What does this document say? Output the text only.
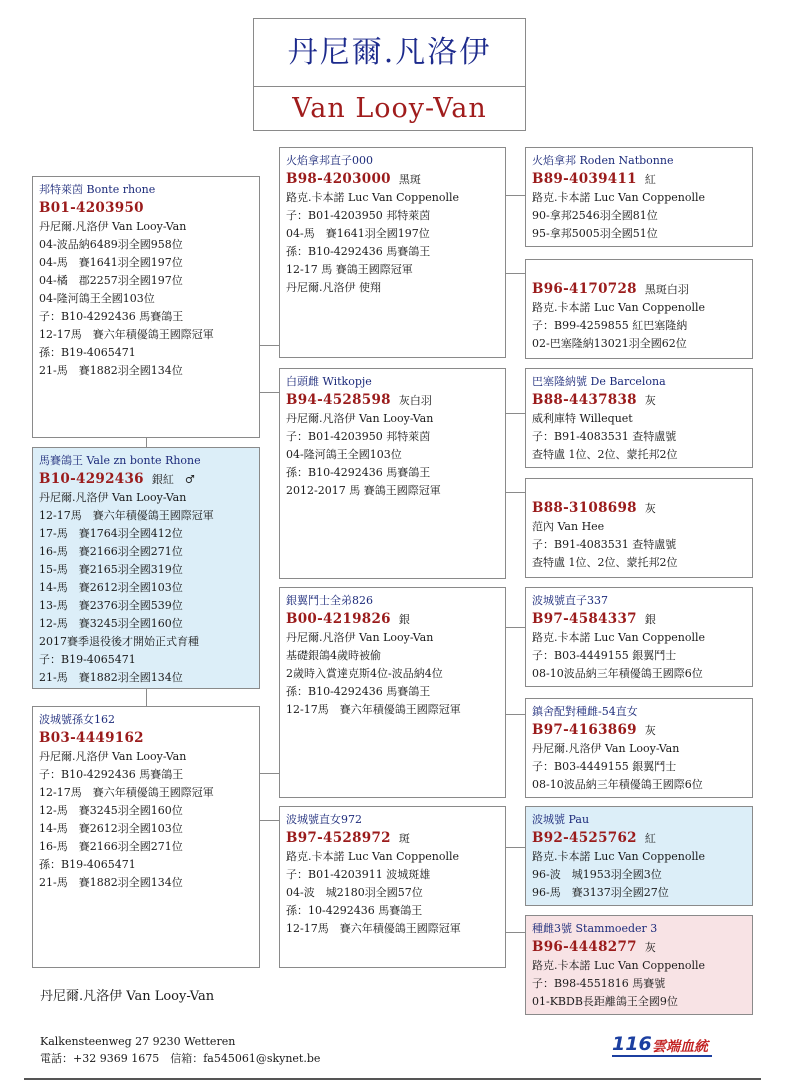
丹尼爾.凡洛伊
Van Looy-Van
邦特萊茵 Bonte rhone
B01-4203950
丹尼爾.凡洛伊 Van Looy-Van
04-波品納6489羽全國958位
04-馬　賽1641羽全國197位
04-橘　郡2257羽全國197位
04-隆河鴿王全國103位
子：B10-4292436 馬賽鴿王
12-17馬　賽六年積優鴿王國際冠軍
孫：B19-4065471
21-馬　賽1882羽全國134位
馬賽鴿王 Vale zn bonte Rhone
B10-4292436 銀紅　♂
丹尼爾.凡洛伊 Van Looy-Van
12-17馬　賽六年積優鴿王國際冠軍
17-馬　賽1764羽全國412位
16-馬　賽2166羽全國271位
15-馬　賽2165羽全國319位
14-馬　賽2612羽全國103位
13-馬　賽2376羽全國539位
12-馬　賽3245羽全國160位
2017賽季退役後才開始正式育種
子：B19-4065471
21-馬　賽1882羽全國134位
波城號孫女162
B03-4449162
丹尼爾.凡洛伊 Van Looy-Van
子：B10-4292436 馬賽鴿王
12-17馬　賽六年積優鴿王國際冠軍
12-馬　賽3245羽全國160位
14-馬　賽2612羽全國103位
16-馬　賽2166羽全國271位
孫：B19-4065471
21-馬　賽1882羽全國134位
火焰拿邦直子000
B98-4203000 黑斑
路克.卡本諾 Luc Van Coppenolle
子：B01-4203950 邦特萊茵
04-馬　賽1641羽全國197位
孫：B10-4292436 馬賽鴿王
12-17 馬 賽鴿王國際冠軍
丹尼爾.凡洛伊 使翔
白頭雌 Witkopje
B94-4528598 灰白羽
丹尼爾.凡洛伊 Van Looy-Van
子：B01-4203950 邦特萊茵
04-隆河鴿王全國103位
孫：B10-4292436 馬賽鴿王
2012-2017 馬 賽鴿王國際冠軍
銀翼鬥士全弟826
B00-4219826 銀
丹尼爾.凡洛伊 Van Looy-Van
基礎銀鴿4歲時被偷
2歲時入賞達克斯4位-波品納4位
孫：B10-4292436 馬賽鴿王
12-17馬　賽六年積優鴿王國際冠軍
波城號直女972
B97-4528972 斑
路克.卡本諾 Luc Van Coppenolle
子：B01-4203911 波城斑雄
04-波　城2180羽全國57位
孫：10-4292436 馬賽鴿王
12-17馬　賽六年積優鴿王國際冠軍
火焰拿邦 Roden Natbonne
B89-4039411 紅
路克.卡本諾 Luc Van Coppenolle
90-拿邦2546羽全國81位
95-拿邦5005羽全國51位
B96-4170728 黑斑白羽
路克.卡本諾 Luc Van Coppenolle
子：B99-4259855 紅巴塞隆納
02-巴塞隆納13021羽全國62位
巴塞隆納號 De Barcelona
B88-4437838 灰
威利庫特 Willequet
子：B91-4083531 查特盧號
查特盧 1位、2位、蒙托邦2位
B88-3108698 灰
范內 Van Hee
子：B91-4083531 查特盧號
查特盧 1位、2位、蒙托邦2位
波城號直子337
B97-4584337 銀
路克.卡本諾 Luc Van Coppenolle
子：B03-4449155 銀翼鬥士
08-10波品納三年積優鴿王國際6位
鎮舍配對種雌-54直女
B97-4163869 灰
丹尼爾.凡洛伊 Van Looy-Van
子：B03-4449155 銀翼鬥士
08-10波品納三年積優鴿王國際6位
波城號 Pau
B92-4525762 紅
路克.卡本諾 Luc Van Coppenolle
96-波　城1953羽全國3位
96-馬　賽3137羽全國27位
種雌3號 Stammoeder 3
B96-4448277 灰
路克.卡本諾 Luc Van Coppenolle
子：B98-4551816 馬賽號
01-KBDB長距離鴿王全國9位
丹尼爾.凡洛伊 Van Looy-Van
Kalkensteenweg 27 9230 Wetteren
電話：+32 9369 1675　信箱：fa545061@skynet.be
116 雲端血統
